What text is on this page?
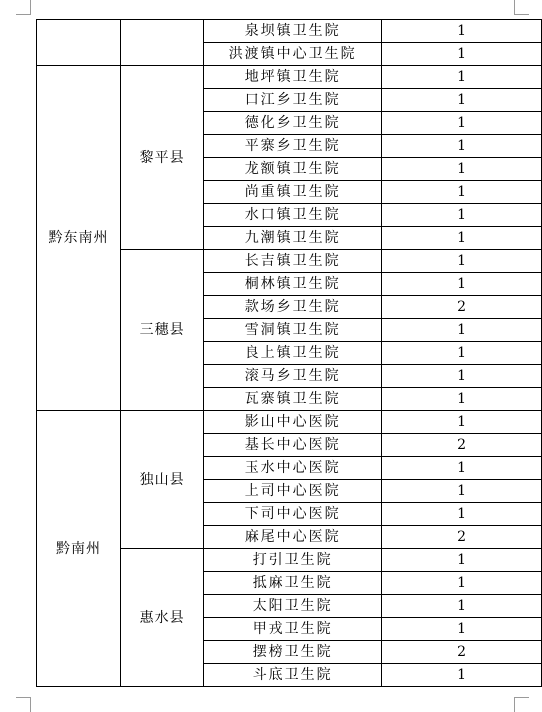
		泉坝镇卫生院	1
		洪渡镇中心卫生院	1
黔东南州	黎平县	地坪镇卫生院	1
		口江乡卫生院	1
		德化乡卫生院	1
		平寨乡卫生院	1
		龙额镇卫生院	1
		尚重镇卫生院	1
		水口镇卫生院	1
		九潮镇卫生院	1
	三穗县	长吉镇卫生院	1
		桐林镇卫生院	1
		款场乡卫生院	2
		雪洞镇卫生院	1
		良上镇卫生院	1
		滚马乡卫生院	1
		瓦寨镇卫生院	1
黔南州	独山县	影山中心医院	1
		基长中心医院	2
		玉水中心医院	1
		上司中心医院	1
		下司中心医院	1
		麻尾中心医院	2
	惠水县	打引卫生院	1
		抵麻卫生院	1
		太阳卫生院	1
		甲戎卫生院	1
		摆榜卫生院	2
		斗底卫生院	1
